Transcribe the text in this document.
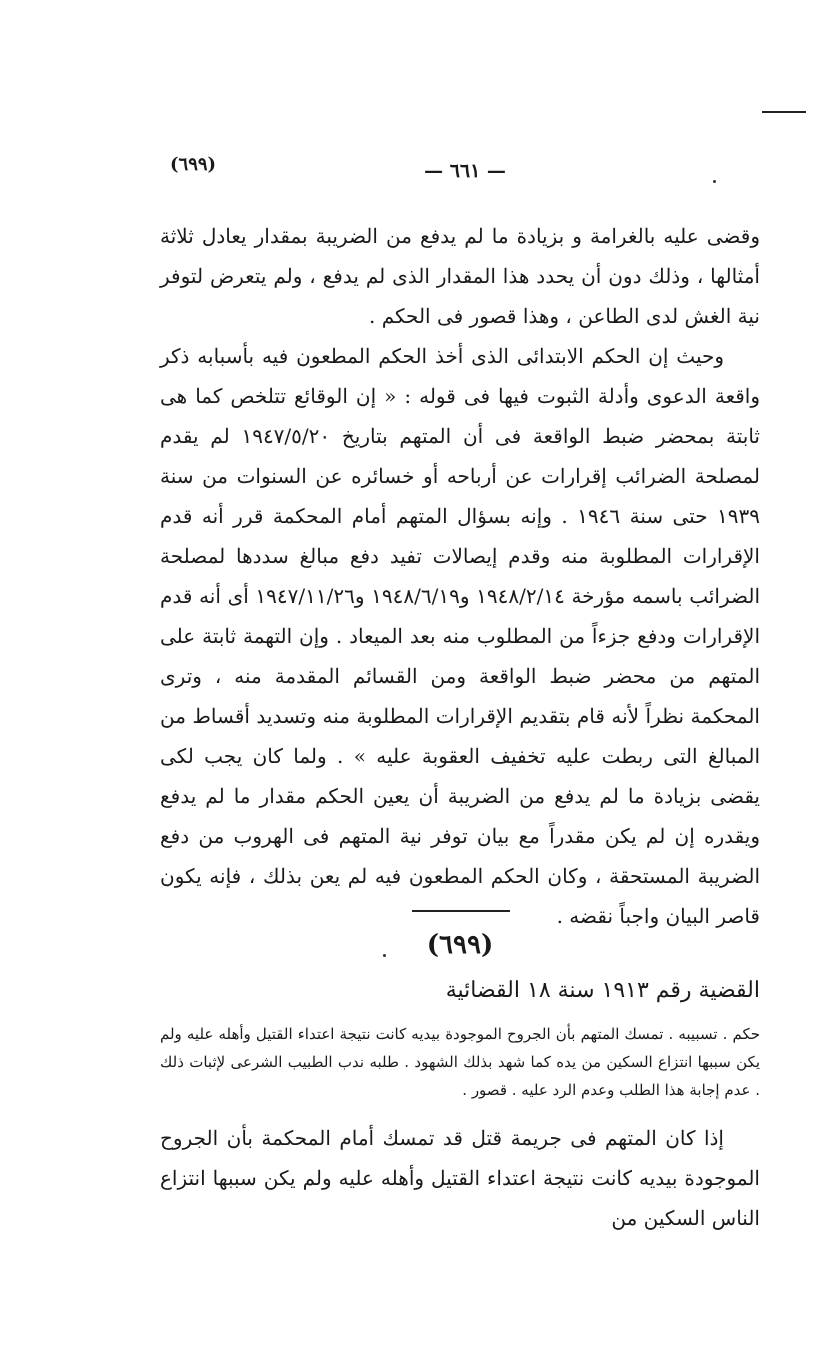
(٦٩٩)	— ٦٦١ —

وقضى عليه بالغرامة و بزيادة ما لم يدفع من الضريبة بمقدار يعادل ثلاثة أمثالها ، وذلك دون أن يحدد هذا المقدار الذى لم يدفع ، ولم يتعرض لتوفر نية الغش لدى الطاعن ، وهذا قصور فى الحكم .

وحيث إن الحكم الابتدائى الذى أخذ الحكم المطعون فيه بأسبابه ذكر واقعة الدعوى وأدلة الثبوت فيها فى قوله : « إن الوقائع تتلخص كما هى ثابتة بمحضر ضبط الواقعة فى أن المتهم بتاريخ ١٩٤٧/٥/٢٠ لم يقدم لمصلحة الضرائب إقرارات عن أرباحه أو خسائره عن السنوات من سنة ١٩٣٩ حتى سنة ١٩٤٦ . وإنه بسؤال المتهم أمام المحكمة قرر أنه قدم الإقرارات المطلوبة منه وقدم إيصالات تفيد دفع مبالغ سددها لمصلحة الضرائب باسمه مؤرخة ١٩٤٨/٢/١٤ و١٩٤٨/٦/١٩ و١٩٤٧/١١/٢٦ أى أنه قدم الإقرارات ودفع جزءاً من المطلوب منه بعد الميعاد . وإن التهمة ثابتة على المتهم من محضر ضبط الواقعة ومن القسائم المقدمة منه ، وترى المحكمة نظراً لأنه قام بتقديم الإقرارات المطلوبة منه وتسديد أقساط من المبالغ التى ربطت عليه تخفيف العقوبة عليه » . ولما كان يجب لكى يقضى بزيادة ما لم يدفع من الضريبة أن يعين الحكم مقدار ما لم يدفع ويقدره إن لم يكن مقدراً مع بيان توفر نية المتهم فى الهروب من دفع الضريبة المستحقة ، وكان الحكم المطعون فيه لم يعن بذلك ، فإنه يكون قاصر البيان واجباً نقضه .

(٦٩٩)
القضية رقم ١٩١٣ سنة ١٨ القضائية

حكم . تسبيبه . تمسك المتهم بأن الجروح الموجودة بيديه كانت نتيجة اعتداء القتيل وأهله عليه ولم يكن سببها انتزاع السكين من يده كما شهد بذلك الشهود . طلبه ندب الطبيب الشرعى لإثبات ذلك . عدم إجابة هذا الطلب وعدم الرد عليه . قصور .

إذا كان المتهم فى جريمة قتل قد تمسك أمام المحكمة بأن الجروح الموجودة بيديه كانت نتيجة اعتداء القتيل وأهله عليه ولم يكن سببها انتزاع الناس السكين من
